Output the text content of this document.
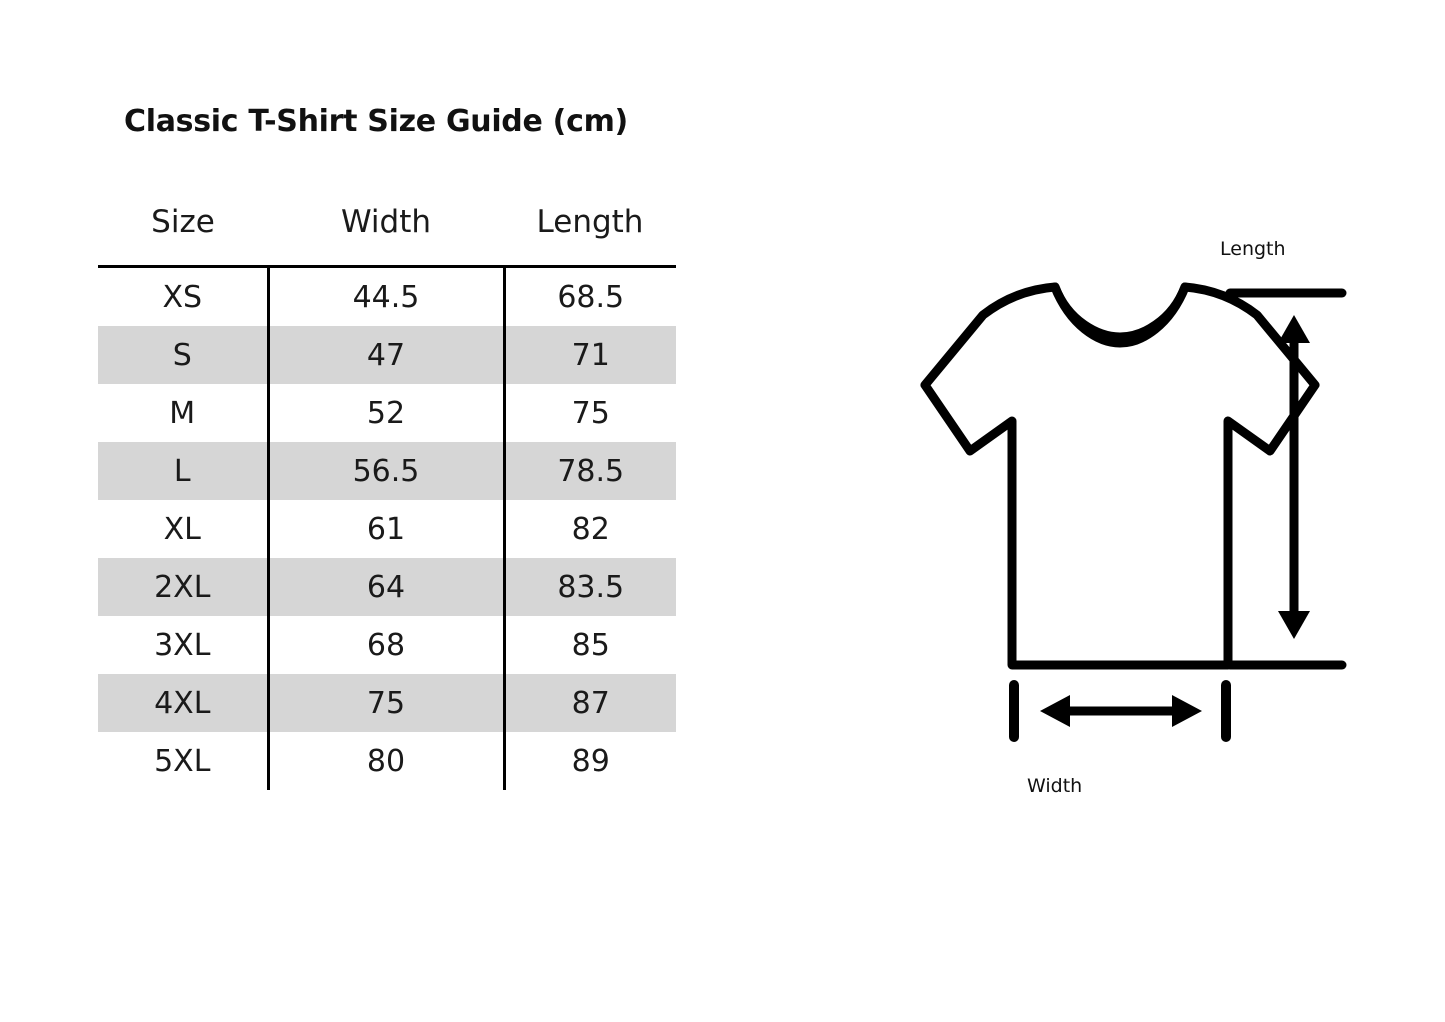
Classic T-Shirt Size Guide (cm)
Size	Width	Length
XS	44.5	68.5
S	47	71
M	52	75
L	56.5	78.5
XL	61	82
2XL	64	83.5
3XL	68	85
4XL	75	87
5XL	80	89
Length
Width
